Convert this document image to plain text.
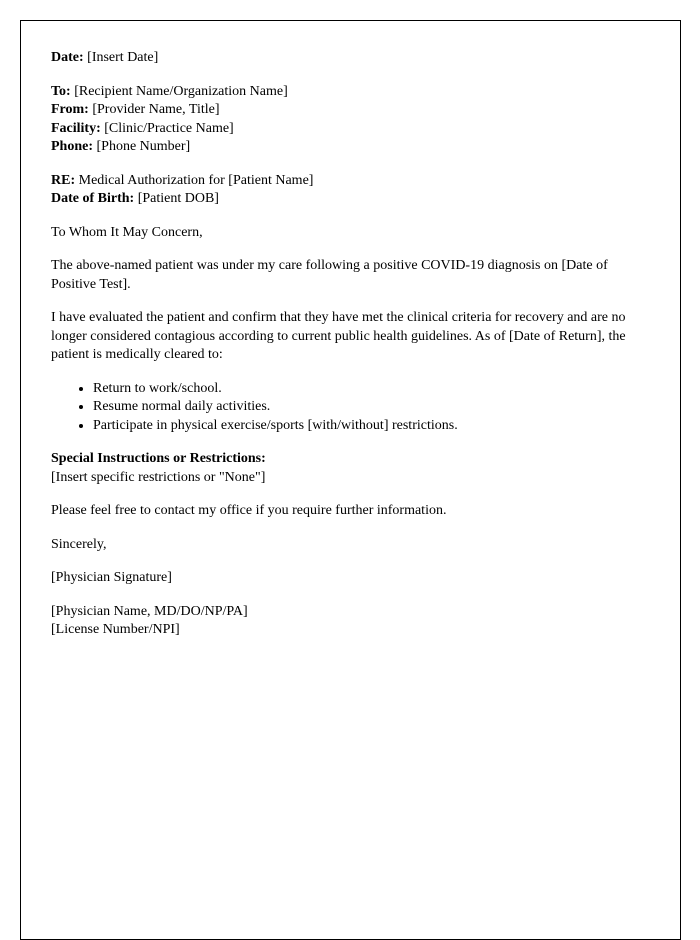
Date: [Insert Date]
To: [Recipient Name/Organization Name]
From: [Provider Name, Title]
Facility: [Clinic/Practice Name]
Phone: [Phone Number]
RE: Medical Authorization for [Patient Name]
Date of Birth: [Patient DOB]

To Whom It May Concern,

The above-named patient was under my care following a positive COVID-19 diagnosis on [Date of Positive Test].

I have evaluated the patient and confirm that they have met the clinical criteria for recovery and are no longer considered contagious according to current public health guidelines. As of [Date of Return], the patient is medically cleared to:

• Return to work/school.
• Resume normal daily activities.
• Participate in physical exercise/sports [with/without] restrictions.
Special Instructions or Restrictions:
[Insert specific restrictions or "None"]

Please feel free to contact my office if you require further information.

Sincerely,

[Physician Signature]

[Physician Name, MD/DO/NP/PA]
[License Number/NPI]
